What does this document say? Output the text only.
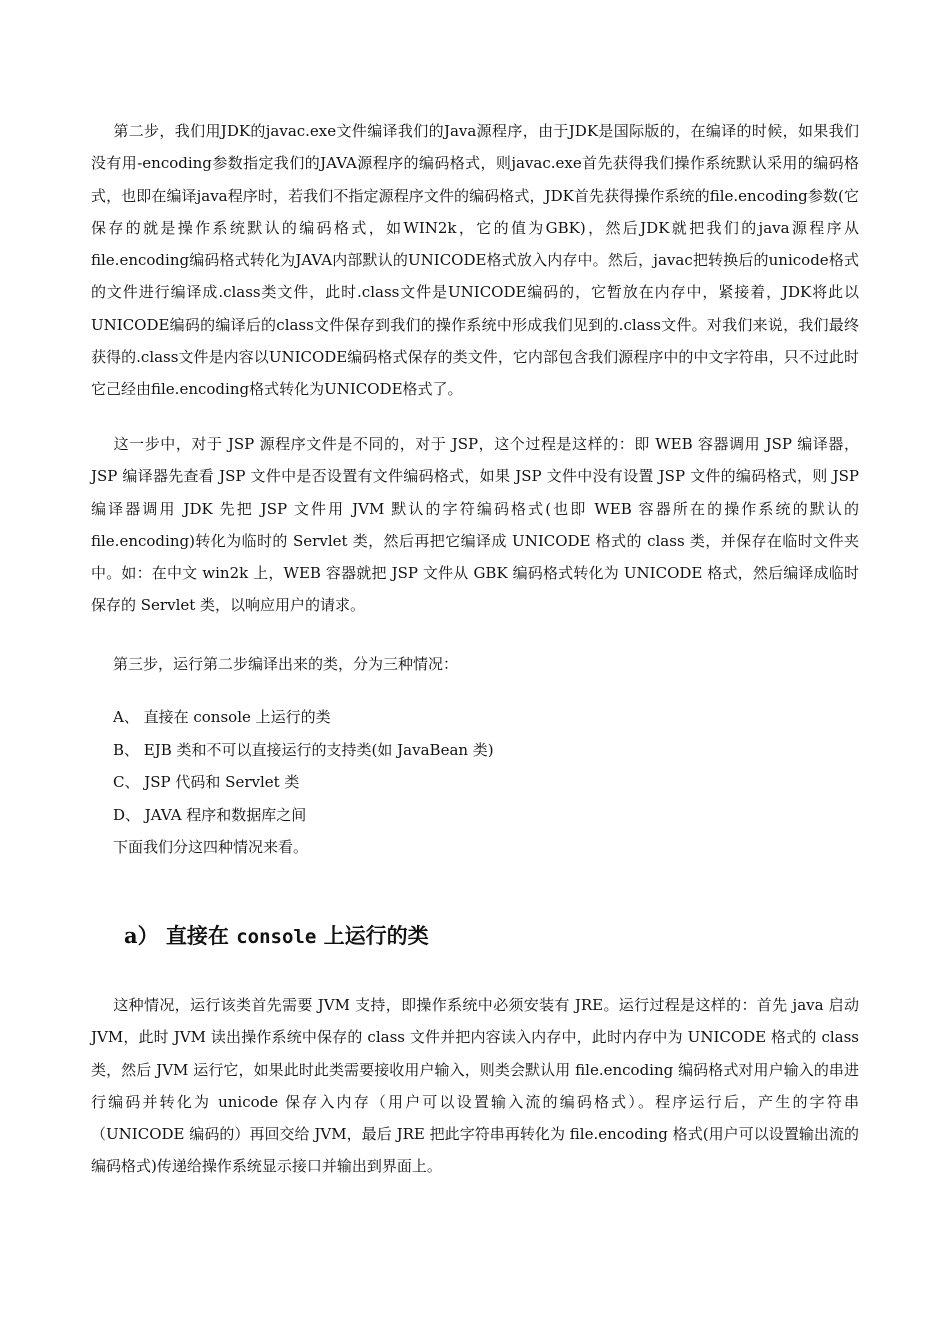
第二步，我们用JDK的javac.exe文件编译我们的Java源程序，由于JDK是国际版的，在编译的时候，如果我们没有用-encoding参数指定我们的JAVA源程序的编码格式，则javac.exe首先获得我们操作系统默认采用的编码格式，也即在编译java程序时，若我们不指定源程序文件的编码格式，JDK首先获得操作系统的file.encoding参数(它保存的就是操作系统默认的编码格式，如WIN2k，它的值为GBK)，然后JDK就把我们的java源程序从file.encoding编码格式转化为JAVA内部默认的UNICODE格式放入内存中。然后，javac把转换后的unicode格式的文件进行编译成.class类文件，此时.class文件是UNICODE编码的，它暂放在内存中，紧接着，JDK将此以UNICODE编码的编译后的class文件保存到我们的操作系统中形成我们见到的.class文件。对我们来说，我们最终获得的.class文件是内容以UNICODE编码格式保存的类文件，它内部包含我们源程序中的中文字符串，只不过此时它己经由file.encoding格式转化为UNICODE格式了。

这一步中，对于 JSP 源程序文件是不同的，对于 JSP，这个过程是这样的：即 WEB 容器调用 JSP 编译器，JSP 编译器先查看 JSP 文件中是否设置有文件编码格式，如果 JSP 文件中没有设置 JSP 文件的编码格式，则 JSP 编译器调用 JDK 先把 JSP 文件用 JVM 默认的字符编码格式(也即 WEB 容器所在的操作系统的默认的 file.encoding)转化为临时的 Servlet 类，然后再把它编译成 UNICODE 格式的 class 类，并保存在临时文件夹中。如：在中文 win2k 上，WEB 容器就把 JSP 文件从 GBK 编码格式转化为 UNICODE 格式，然后编译成临时保存的 Servlet 类，以响应用户的请求。

第三步，运行第二步编译出来的类，分为三种情况：

A、 直接在 console 上运行的类
B、 EJB 类和不可以直接运行的支持类(如 JavaBean 类)
C、 JSP 代码和 Servlet 类
D、 JAVA 程序和数据库之间
下面我们分这四种情况来看。
a） 直接在 console 上运行的类

这种情况，运行该类首先需要 JVM 支持，即操作系统中必须安装有 JRE。运行过程是这样的：首先 java 启动 JVM，此时 JVM 读出操作系统中保存的 class 文件并把内容读入内存中，此时内存中为 UNICODE 格式的 class 类，然后 JVM 运行它，如果此时此类需要接收用户输入，则类会默认用 file.encoding 编码格式对用户输入的串进行编码并转化为 unicode 保存入内存（用户可以设置输入流的编码格式）。程序运行后，产生的字符串（UNICODE 编码的）再回交给 JVM，最后 JRE 把此字符串再转化为 file.encoding 格式(用户可以设置输出流的编码格式)传递给操作系统显示接口并输出到界面上。
